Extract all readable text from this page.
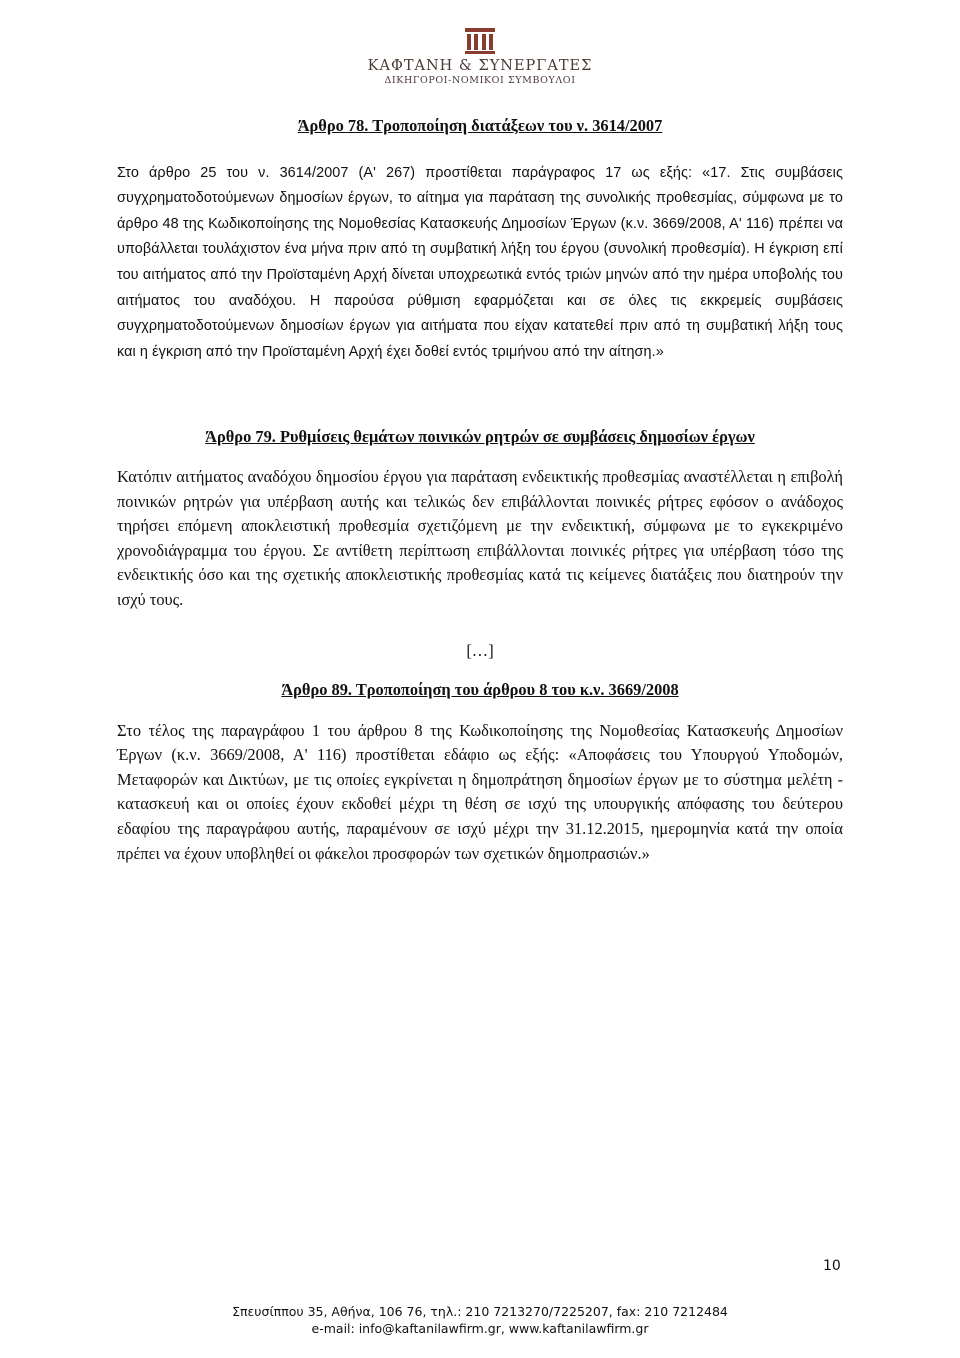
ΚΑΦΤΑΝΗ & ΣΥΝΕΡΓΑΤΕΣ
ΔΙΚΗΓΟΡΟΙ-ΝΟΜΙΚΟΙ ΣΥΜΒΟΥΛΟΙ

Άρθρο 78. Τροποποίηση διατάξεων του ν. 3614/2007

Στο άρθρο 25 του ν. 3614/2007 (Α' 267) προστίθεται παράγραφος 17 ως εξής: «17. Στις συμβάσεις συγχρηματοδοτούμενων δημοσίων έργων, το αίτημα για παράταση της συνολικής προθεσμίας, σύμφωνα με το άρθρο 48 της Κωδικοποίησης της Νομοθεσίας Κατασκευής Δημοσίων Έργων (κ.ν. 3669/2008, Α' 116) πρέπει να υποβάλλεται τουλάχιστον ένα μήνα πριν από τη συμβατική λήξη του έργου (συνολική προθεσμία). Η έγκριση επί του αιτήματος από την Προϊσταμένη Αρχή δίνεται υποχρεωτικά εντός τριών μηνών από την ημέρα υποβολής του αιτήματος του αναδόχου. Η παρούσα ρύθμιση εφαρμόζεται και σε όλες τις εκκρεμείς συμβάσεις συγχρηματοδοτούμενων δημοσίων έργων για αιτήματα που είχαν κατατεθεί πριν από τη συμβατική λήξη τους και η έγκριση από την Προϊσταμένη Αρχή έχει δοθεί εντός τριμήνου από την αίτηση.»

Άρθρο 79. Ρυθμίσεις θεμάτων ποινικών ρητρών σε συμβάσεις δημοσίων έργων

Κατόπιν αιτήματος αναδόχου δημοσίου έργου για παράταση ενδεικτικής προθεσμίας αναστέλλεται η επιβολή ποινικών ρητρών για υπέρβαση αυτής και τελικώς δεν επιβάλλονται ποινικές ρήτρες εφόσον ο ανάδοχος τηρήσει επόμενη αποκλειστική προθεσμία σχετιζόμενη με την ενδεικτική, σύμφωνα με το εγκεκριμένο χρονοδιάγραμμα του έργου. Σε αντίθετη περίπτωση επιβάλλονται ποινικές ρήτρες για υπέρβαση τόσο της ενδεικτικής όσο και της σχετικής αποκλειστικής προθεσμίας κατά τις κείμενες διατάξεις που διατηρούν την ισχύ τους.

[…]

Άρθρο 89. Τροποποίηση του άρθρου 8 του κ.ν. 3669/2008

Στο τέλος της παραγράφου 1 του άρθρου 8 της Κωδικοποίησης της Νομοθεσίας Κατασκευής Δημοσίων Έργων (κ.ν. 3669/2008, Α' 116) προστίθεται εδάφιο ως εξής: «Αποφάσεις του Υπουργού Υποδομών, Μεταφορών και Δικτύων, με τις οποίες εγκρίνεται η δημοπράτηση δημοσίων έργων με το σύστημα μελέτη - κατασκευή και οι οποίες έχουν εκδοθεί μέχρι τη θέση σε ισχύ της υπουργικής απόφασης του δεύτερου εδαφίου της παραγράφου αυτής, παραμένουν σε ισχύ μέχρι την 31.12.2015, ημερομηνία κατά την οποία πρέπει να έχουν υποβληθεί οι φάκελοι προσφορών των σχετικών δημοπρασιών.»

10
Σπευσίππου 35, Αθήνα, 106 76, τηλ.: 210 7213270/7225207, fax: 210 7212484
e-mail: info@kaftanilawfirm.gr, www.kaftanilawfirm.gr
